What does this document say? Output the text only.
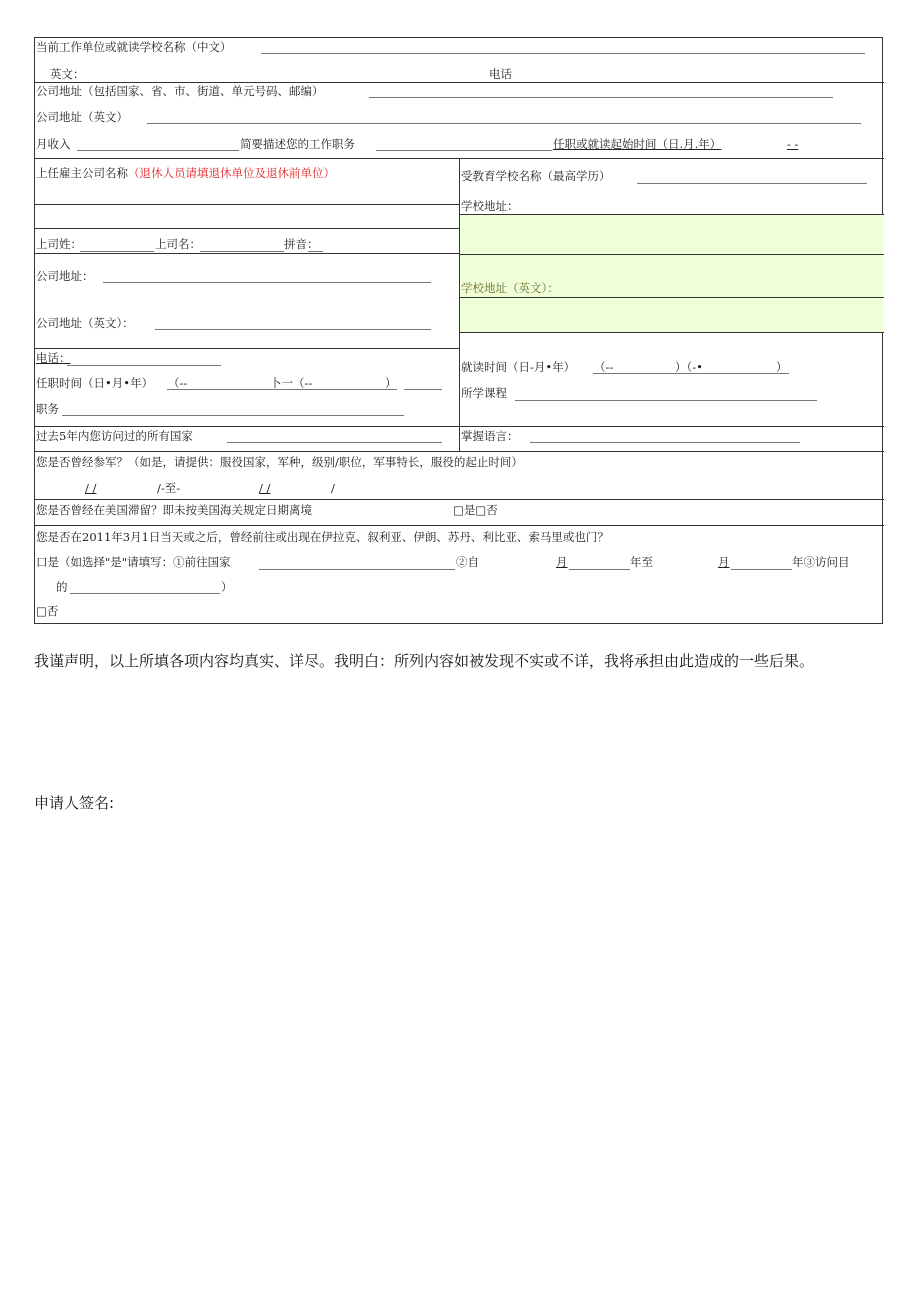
当前工作单位或就读学校名称（中文）
英文：	电话
公司地址（包括国家、省、市、街道、单元号码、邮编）
公司地址（英文）
月收入	简要描述您的工作职务	任职或就读起始时间（日.月.年）	- -
上任雇主公司名称（退休人员请填退休单位及退休前单位）
上司姓：	上司名：	拼音：
公司地址：
公司地址（英文）：
电话：
任职时间（日•月•年） （--	卜一（--	）
职务
受教育学校名称（最高学历）
学校地址：
学校地址（英文）：
就读时间（日-月•年） （--	）（-•	）
所学课程
过去5年内您访问过的所有国家	掌握语言：
您是否曾经参军？（如是，请提供：服役国家，军种，级别/职位，军事特长，服役的起止时间）
/ /	/-至-	/ /	/
您是否曾经在美国滞留？即未按美国海关规定日期离境	□是□否
您是否在2011年3月1日当天或之后，曾经前往或出现在伊拉克、叙利亚、伊朗、苏丹、利比亚、索马里或也门？
口是（如选择"是"请填写：①前往国家	②自	月	年至	月	年③访问目
的	）
□否
我谨声明，以上所填各项内容均真实、详尽。我明白：所列内容如被发现不实或不详，我将承担由此造成的一些后果。
申请人签名:
